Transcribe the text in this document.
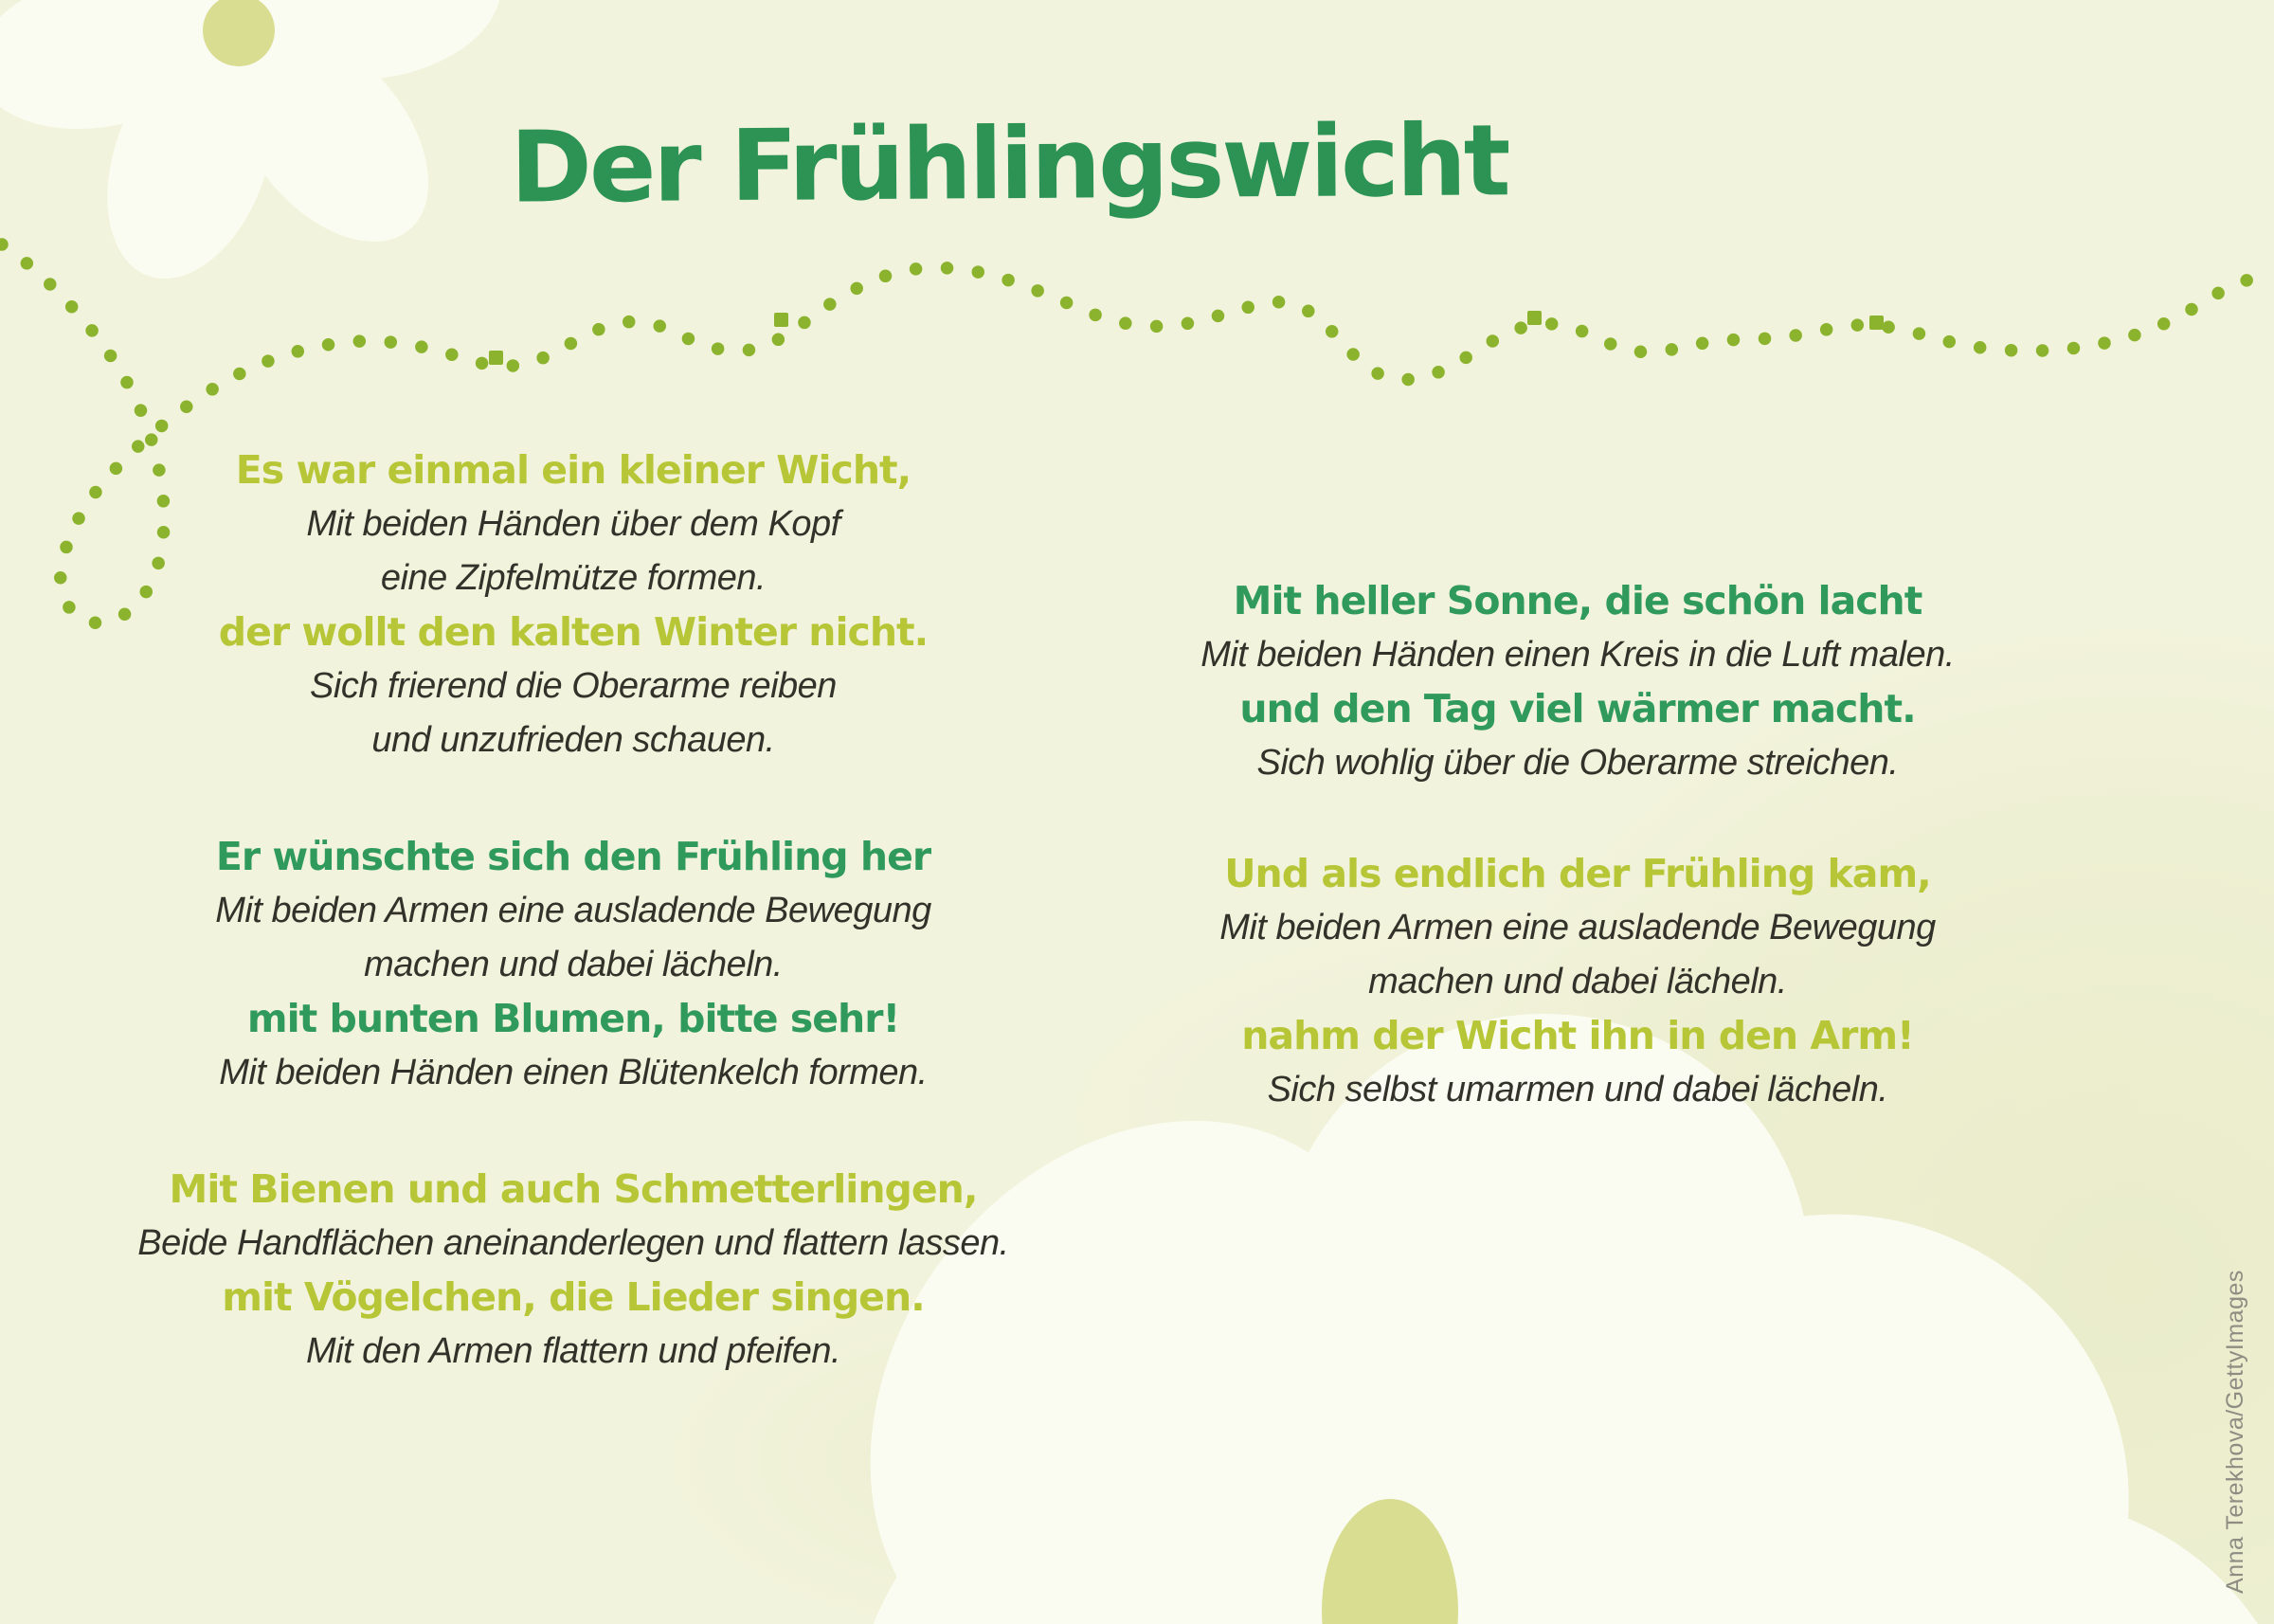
Der Frühlingswicht
Es war einmal ein kleiner Wicht,
Mit beiden Händen über dem Kopf
eine Zipfelmütze formen.
der wollt den kalten Winter nicht.
Sich frierend die Oberarme reiben
und unzufrieden schauen.
Er wünschte sich den Frühling her
Mit beiden Armen eine ausladende Bewegung
machen und dabei lächeln.
mit bunten Blumen, bitte sehr!
Mit beiden Händen einen Blütenkelch formen.
Mit Bienen und auch Schmetterlingen,
Beide Handflächen aneinanderlegen und flattern lassen.
mit Vögelchen, die Lieder singen.
Mit den Armen flattern und pfeifen.
Mit heller Sonne, die schön lacht
Mit beiden Händen einen Kreis in die Luft malen.
und den Tag viel wärmer macht.
Sich wohlig über die Oberarme streichen.
Und als endlich der Frühling kam,
Mit beiden Armen eine ausladende Bewegung
machen und dabei lächeln.
nahm der Wicht ihn in den Arm!
Sich selbst umarmen und dabei lächeln.
Anna Terekhova/GettyImages
